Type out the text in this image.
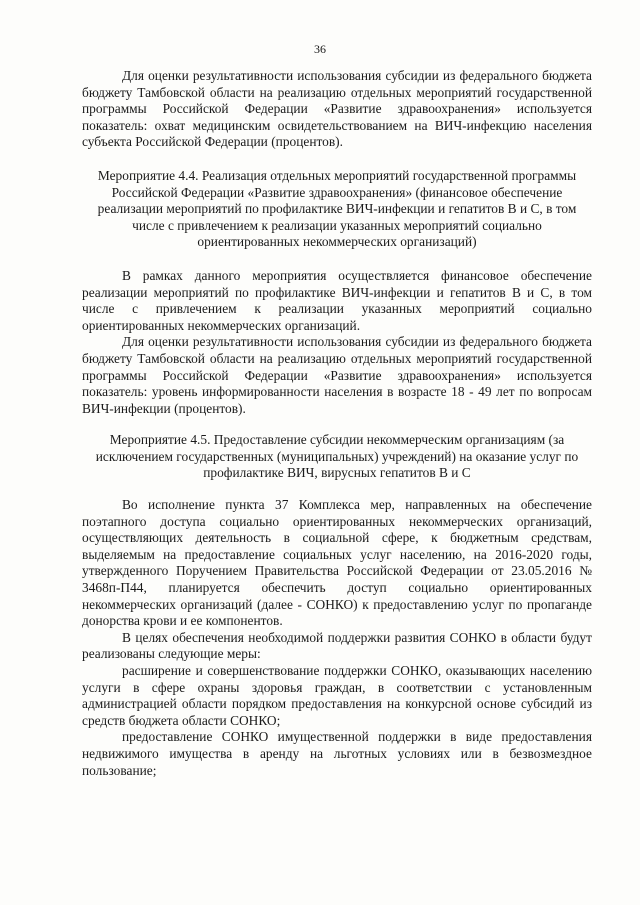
36

Для оценки результативности использования субсидии из федерального бюджета бюджету Тамбовской области на реализацию отдельных мероприятий государственной программы Российской Федерации «Развитие здравоохранения» используется показатель: охват медицинским освидетельствованием на ВИЧ-инфекцию населения субъекта Российской Федерации (процентов).

Мероприятие 4.4. Реализация отдельных мероприятий государственной программы Российской Федерации «Развитие здравоохранения» (финансовое обеспечение реализации мероприятий по профилактике ВИЧ-инфекции и гепатитов B и C, в том числе с привлечением к реализации указанных мероприятий социально ориентированных некоммерческих организаций)

В рамках данного мероприятия осуществляется финансовое обеспечение реализации мероприятий по профилактике ВИЧ-инфекции и гепатитов B и C, в том числе с привлечением к реализации указанных мероприятий социально ориентированных некоммерческих организаций.

Для оценки результативности использования субсидии из федерального бюджета бюджету Тамбовской области на реализацию отдельных мероприятий государственной программы Российской Федерации «Развитие здравоохранения» используется показатель: уровень информированности населения в возрасте 18 - 49 лет по вопросам ВИЧ-инфекции (процентов).

Мероприятие 4.5. Предоставление субсидии некоммерческим организациям (за исключением государственных (муниципальных) учреждений) на оказание услуг по профилактике ВИЧ, вирусных гепатитов B и C

Во исполнение пункта 37 Комплекса мер, направленных на обеспечение поэтапного доступа социально ориентированных некоммерческих организаций, осуществляющих деятельность в социальной сфере, к бюджетным средствам, выделяемым на предоставление социальных услуг населению, на 2016-2020 годы, утвержденного Поручением Правительства Российской Федерации от 23.05.2016 № 3468п-П44, планируется обеспечить доступ социально ориентированных некоммерческих организаций (далее - СОНКО) к предоставлению услуг по пропаганде донорства крови и ее компонентов.

В целях обеспечения необходимой поддержки развития СОНКО в области будут реализованы следующие меры:

расширение и совершенствование поддержки СОНКО, оказывающих населению услуги в сфере охраны здоровья граждан, в соответствии с установленным администрацией области порядком предоставления на конкурсной основе субсидий из средств бюджета области СОНКО;

предоставление СОНКО имущественной поддержки в виде предоставления недвижимого имущества в аренду на льготных условиях или в безвозмездное пользование;
